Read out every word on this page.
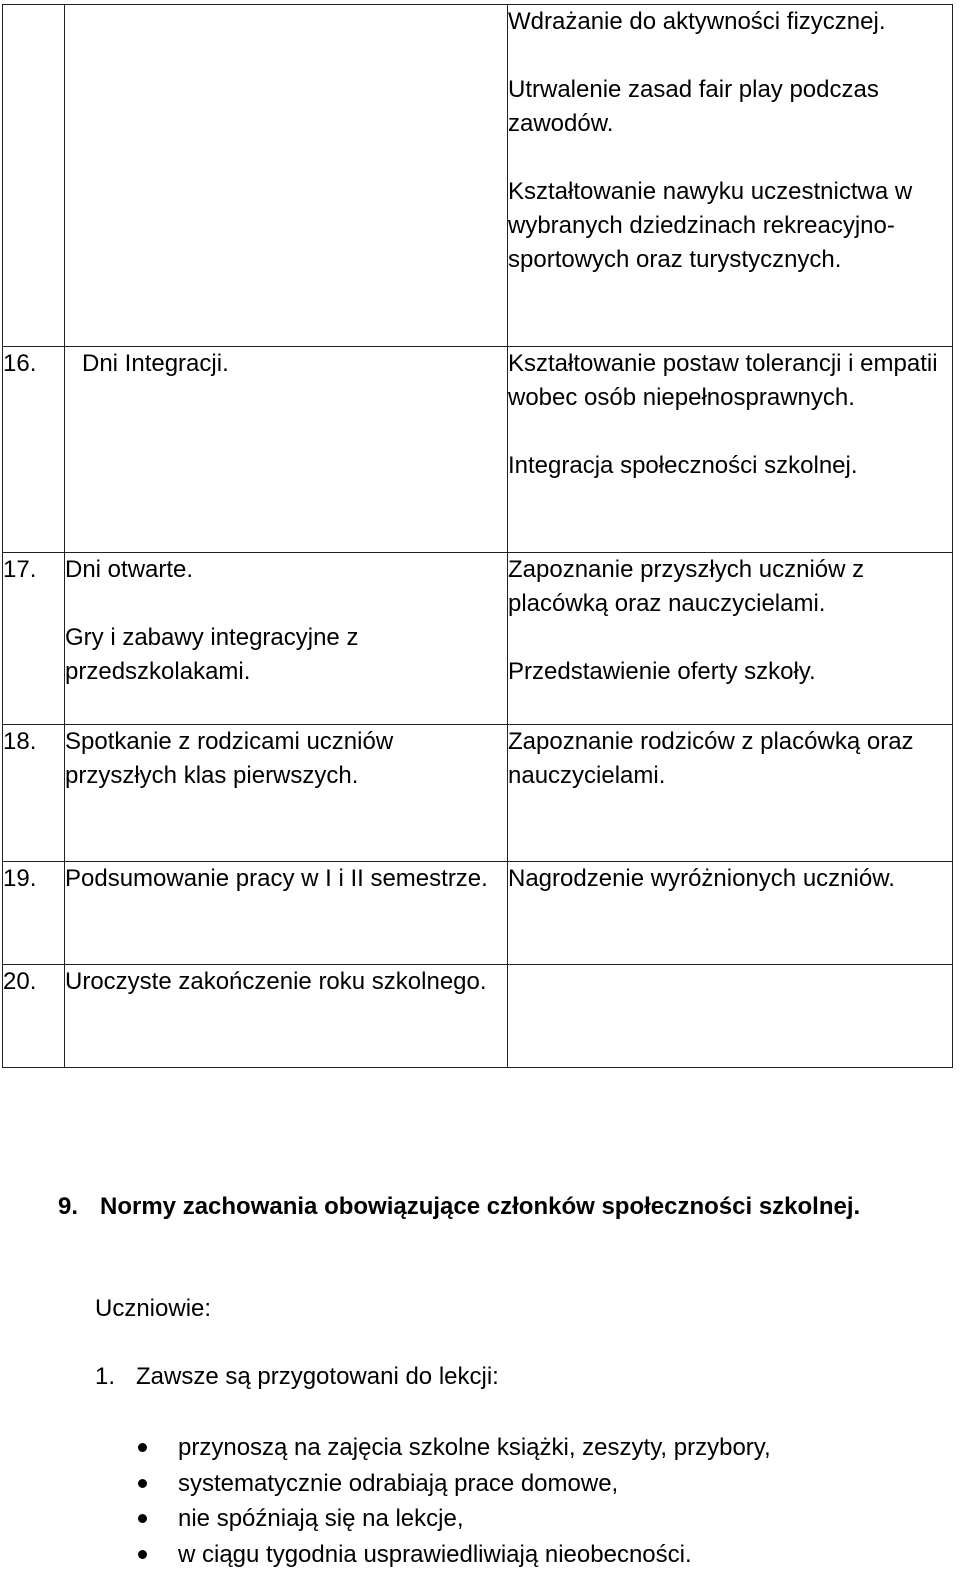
		Wdrażanie do aktywności fizycznej.
Utrwalenie zasad fair play podczas zawodów.
Kształtowanie nawyku uczestnictwa w wybranych dziedzinach rekreacyjno-sportowych oraz turystycznych.

16.	Dni Integracji.	Kształtowanie postaw tolerancji i empatii wobec osób niepełnosprawnych.
Integracja społeczności szkolnej.

17.	Dni otwarte.
Gry i zabawy integracyjne z przedszkolakami.	Zapoznanie przyszłych uczniów z placówką oraz nauczycielami.
Przedstawienie oferty szkoły.

18.	Spotkanie z rodzicami uczniów przyszłych klas pierwszych.	Zapoznanie rodziców z placówką oraz nauczycielami.

19.	Podsumowanie pracy w I i II semestrze.	Nagrodzenie wyróżnionych uczniów.

20.	Uroczyste zakończenie roku szkolnego.	

9. Normy zachowania obowiązujące członków społeczności szkolnej.
Uczniowie:
1. Zawsze są przygotowani do lekcji:
przynoszą na zajęcia szkolne książki, zeszyty, przybory,
systematycznie odrabiają prace domowe,
nie spóźniają się na lekcje,
w ciągu tygodnia usprawiedliwiają nieobecności.
